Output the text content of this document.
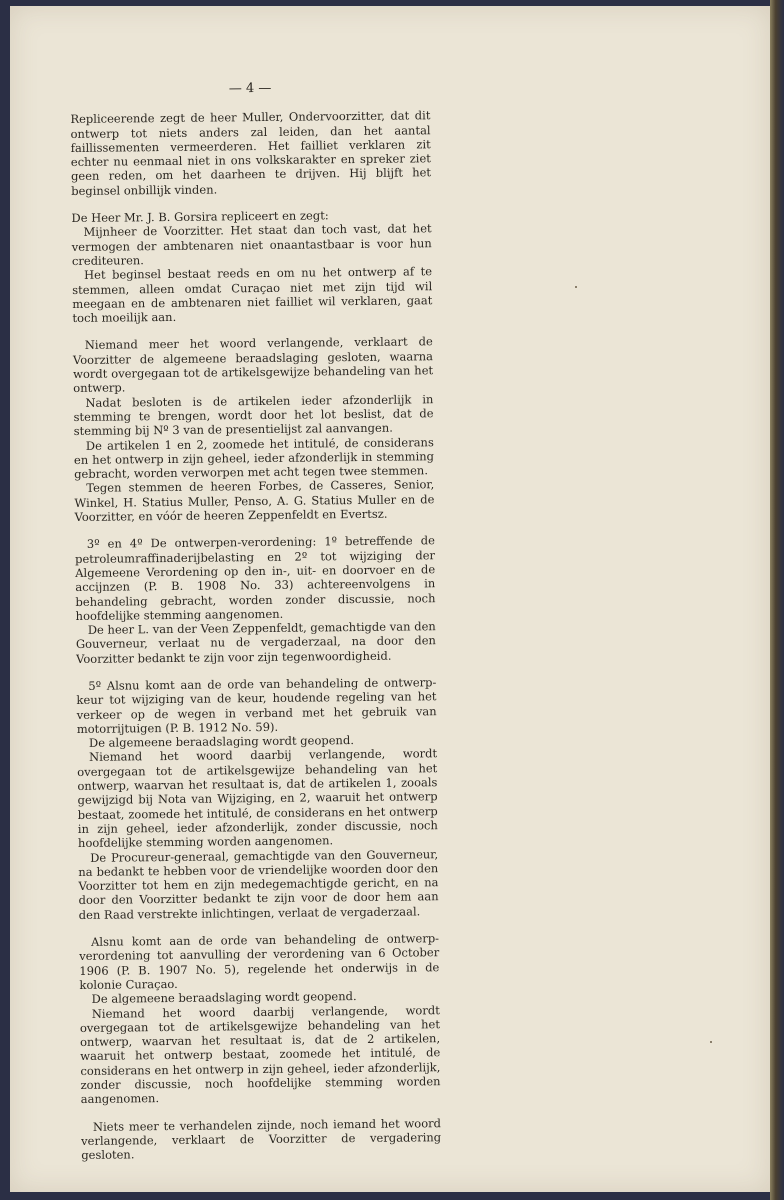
— 4 —

Repliceerende zegt de heer Muller, Ondervoorzitter, dat dit ontwerp tot niets anders zal leiden, dan het aantal faillissementen vermeerderen. Het failliet verklaren zit echter nu eenmaal niet in ons volkskarakter en spreker ziet geen reden, om het daarheen te drijven. Hij blijft het beginsel onbillijk vinden.

De Heer Mr. J. B. Gorsira repliceert en zegt:

Mijnheer de Voorzitter. Het staat dan toch vast, dat het vermogen der ambtenaren niet onaantastbaar is voor hun crediteuren.

Het beginsel bestaat reeds en om nu het ontwerp af te stemmen, alleen omdat Curaçao niet met zijn tijd wil meegaan en de ambtenaren niet failliet wil verklaren, gaat toch moeilijk aan.

Niemand meer het woord verlangende, verklaart de Voorzitter de algemeene beraadslaging gesloten, waarna wordt overgegaan tot de artikelsgewijze behandeling van het ontwerp.

Nadat besloten is de artikelen ieder afzonderlijk in stemming te brengen, wordt door het lot beslist, dat de stemming bij Nº 3 van de presentielijst zal aanvangen.

De artikelen 1 en 2, zoomede het intitulé, de considerans en het ontwerp in zijn geheel, ieder afzonderlijk in stemming gebracht, worden verworpen met acht tegen twee stemmen.

Tegen stemmen de heeren Forbes, de Casseres, Senior, Winkel, H. Statius Muller, Penso, A. G. Statius Muller en de Voorzitter, en vóór de heeren Zeppenfeldt en Evertsz.

3º en 4º De ontwerpen-verordening: 1º betreffende de petroleumraffinaderijbelasting en 2º tot wijziging der Algemeene Verordening op den in-, uit- en doorvoer en de accijnzen (P. B. 1908 No. 33) achtereenvolgens in behandeling gebracht, worden zonder discussie, noch hoofdelijke stemming aangenomen.

De heer L. van der Veen Zeppenfeldt, gemachtigde van den Gouverneur, verlaat nu de vergaderzaal, na door den Voorzitter bedankt te zijn voor zijn tegenwoordigheid.

5º Alsnu komt aan de orde van behandeling de ontwerp-keur tot wijziging van de keur, houdende regeling van het verkeer op de wegen in verband met het gebruik van motorrijtuigen (P. B. 1912 No. 59).

De algemeene beraadslaging wordt geopend.

Niemand het woord daarbij verlangende, wordt overgegaan tot de artikelsgewijze behandeling van het ontwerp, waarvan het resultaat is, dat de artikelen 1, zooals gewijzigd bij Nota van Wijziging, en 2, waaruit het ontwerp bestaat, zoomede het intitulé, de considerans en het ontwerp in zijn geheel, ieder afzonderlijk, zonder discussie, noch hoofdelijke stemming worden aangenomen.

De Procureur-generaal, gemachtigde van den Gouverneur, na bedankt te hebben voor de vriendelijke woorden door den Voorzitter tot hem en zijn medegemachtigde gericht, en na door den Voorzitter bedankt te zijn voor de door hem aan den Raad verstrekte inlichtingen, verlaat de vergaderzaal.

Alsnu komt aan de orde van behandeling de ontwerp-verordening tot aanvulling der verordening van 6 October 1906 (P. B. 1907 No. 5), regelende het onderwijs in de kolonie Curaçao.

De algemeene beraadslaging wordt geopend.

Niemand het woord daarbij verlangende, wordt overgegaan tot de artikelsgewijze behandeling van het ontwerp, waarvan het resultaat is, dat de 2 artikelen, waaruit het ontwerp bestaat, zoomede het intitulé, de considerans en het ontwerp in zijn geheel, ieder afzonderlijk, zonder discussie, noch hoofdelijke stemming worden aangenomen.

Niets meer te verhandelen zijnde, noch iemand het woord verlangende, verklaart de Voorzitter de vergadering gesloten.
